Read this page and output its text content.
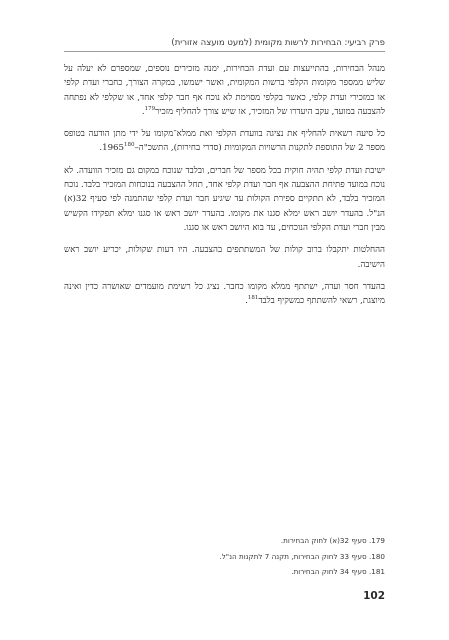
פרק רביעי: הבחירות לרשות מקומית (למעט מועצה אזורית)

מנהל הבחירות, בהתייעצות עם ועדת הבחירות, ימנה מזכירים נוספים, שמספרם לא יעלה על שליש ממספר מקומות הקלפי ברשות המקומית, ואשר ישמשו, במקרה הצורך, כחברי ועדת קלפי או כמזכירי ועדת קלפי, כאשר בקלפי מסוימת לא נוכח אף חבר קלפי אחד, או שקלפי לא נפתחה להצבעה במועד, עקב היעדרו של המזכיר, או שיש צורך להחליף מזכיר$^{179}$.

כל סיעה רשאית להחליף את נציגה בוועדת הקלפי ואת ממלא־מקומו על ידי מתן הודעה בטופס מספר 2 של התוספת לתקנות הרשויות המקומיות (סדרי בחירות), התשכ"ה–1965$^{180}$.

ישיבת ועדת קלפי תהיה חוקית בכל מספר של חברים, ובלבד שנוכח במקום גם מזכיר הוועדה. לא נוכח במועד פתיחת ההצבעה אף חבר ועדת קלפי אחד, תחל ההצבעה בנוכחות המזכיר בלבד. נוכח המזכיר בלבד, לא תתקיים ספירת הקולות עד שיגיע חבר ועדת קלפי שהתמנה לפי סעיף 32(א) הנ"ל. בהעדר יושב ראש ימלא סגנו את מקומו. בהעדר יושב ראש או סגנו ימלא תפקידו הקשיש מבין חברי ועדת הקלפי הנוכחים, עד בוא היושב ראש או סגנו.

ההחלטות יתקבלו ברוב קולות של המשתתפים בהצבעה. היו דעות שקולות, יכריע יושב ראש הישיבה.

בהעדר חסר ועדה, ישתתף ממלא מקומו כחבר. נציג כל רשימת מועמדים שאושרה כדין ואינה מיוצגת, רשאי להשתתף כמשקיף בלבד$^{181}$.

179. סעיף 32(א) לחוק הבחירות.
180. סעיף 33 לחוק הבחירות, תקנה 7 לתקנות הנ"ל.
181. סעיף 34 לחוק הבחירות.
102
